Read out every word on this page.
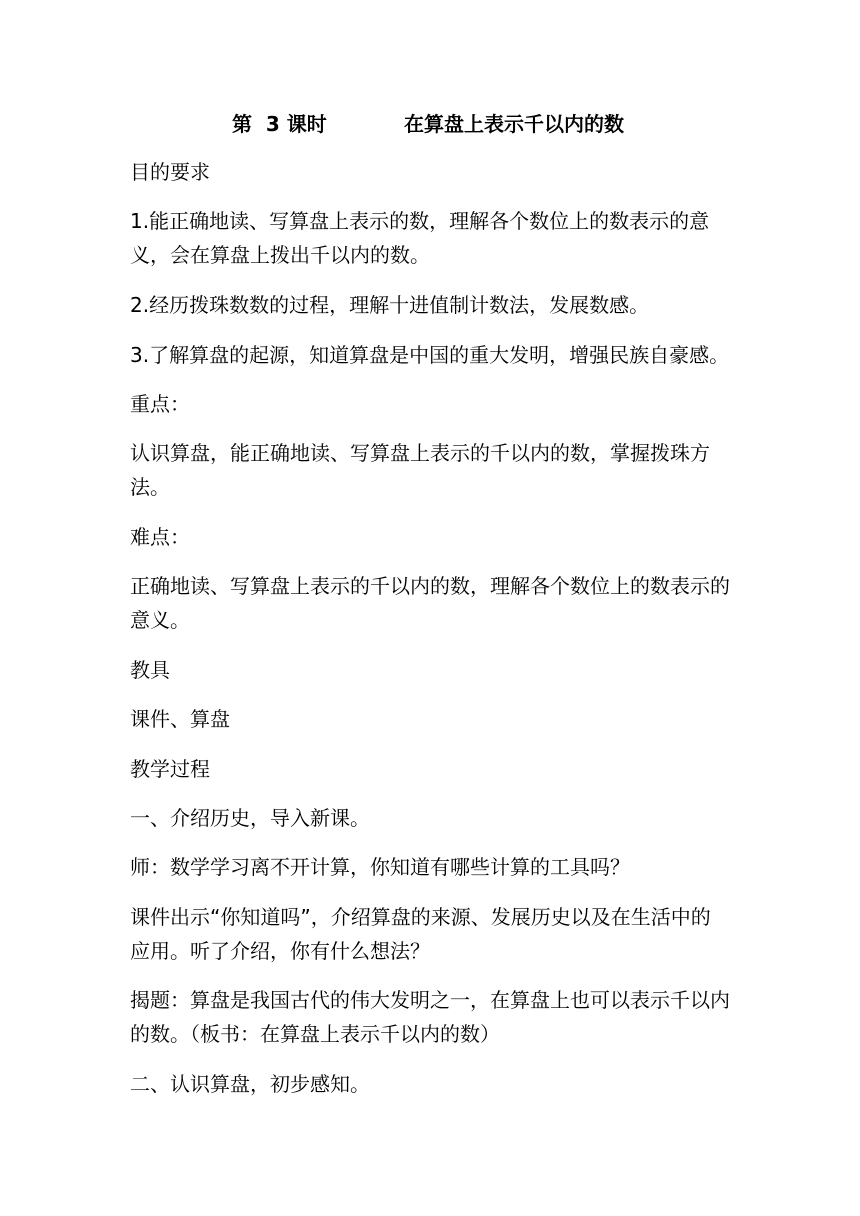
第  3 课时	在算盘上表示千以内的数

目的要求

1.能正确地读、写算盘上表示的数，理解各个数位上的数表示的意义，会在算盘上拨出千以内的数。

2.经历拨珠数数的过程，理解十进值制计数法，发展数感。

3.了解算盘的起源，知道算盘是中国的重大发明，增强民族自豪感。

重点：

认识算盘，能正确地读、写算盘上表示的千以内的数，掌握拨珠方法。

难点：

正确地读、写算盘上表示的千以内的数，理解各个数位上的数表示的意义。

教具

课件、算盘

教学过程

一、介绍历史，导入新课。

师：数学学习离不开计算，你知道有哪些计算的工具吗？

课件出示“你知道吗”，介绍算盘的来源、发展历史以及在生活中的应用。听了介绍，你有什么想法？

揭题：算盘是我国古代的伟大发明之一，在算盘上也可以表示千以内的数。（板书：在算盘上表示千以内的数）

二、认识算盘，初步感知。
